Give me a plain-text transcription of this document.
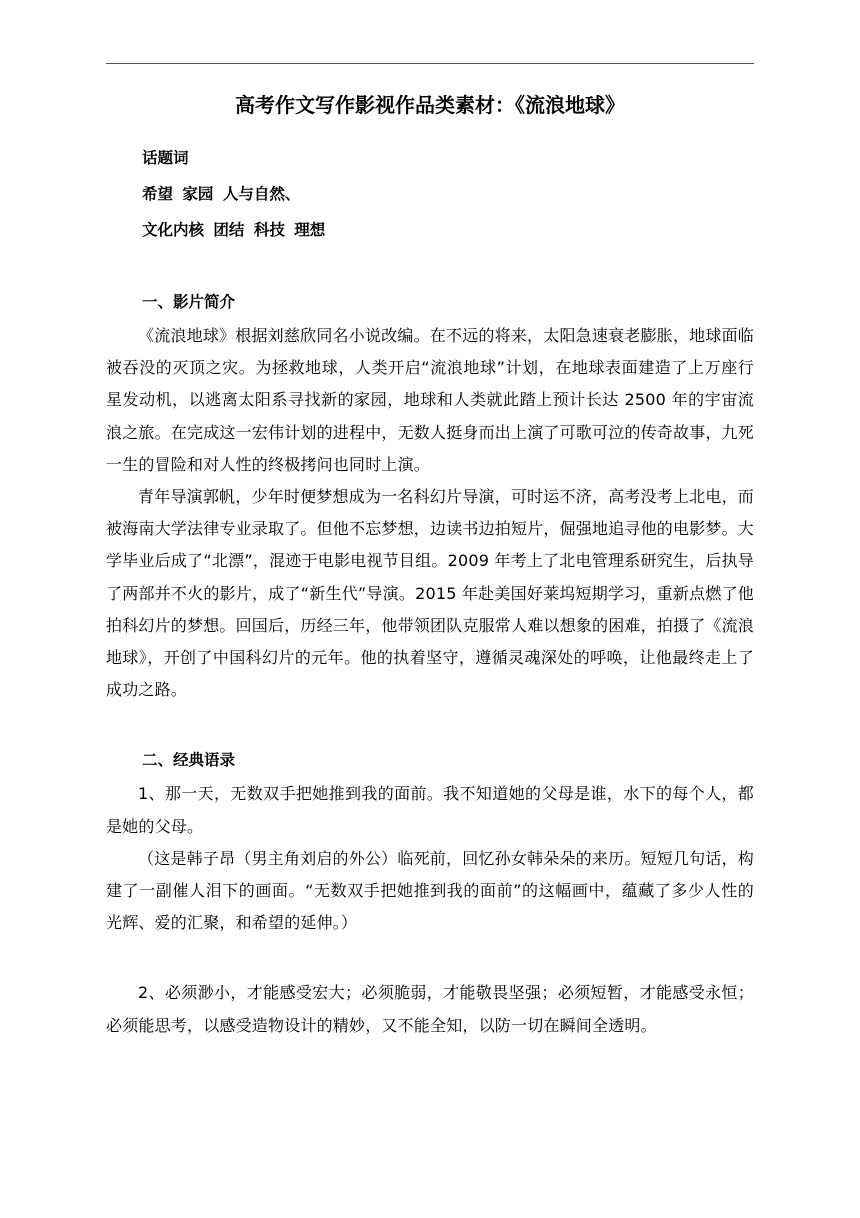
高考作文写作影视作品类素材：《流浪地球》
话题词
希望 家园 人与自然、
文化内核 团结 科技 理想
一、影片简介

《流浪地球》根据刘慈欣同名小说改编。在不远的将来，太阳急速衰老膨胀，地球面临被吞没的灭顶之灾。为拯救地球，人类开启“流浪地球”计划，在地球表面建造了上万座行星发动机，以逃离太阳系寻找新的家园，地球和人类就此踏上预计长达 2500 年的宇宙流浪之旅。在完成这一宏伟计划的进程中，无数人挺身而出上演了可歌可泣的传奇故事，九死一生的冒险和对人性的终极拷问也同时上演。

青年导演郭帆，少年时便梦想成为一名科幻片导演，可时运不济，高考没考上北电，而被海南大学法律专业录取了。但他不忘梦想，边读书边拍短片，倔强地追寻他的电影梦。大学毕业后成了“北漂”，混迹于电影电视节目组。2009 年考上了北电管理系研究生，后执导了两部并不火的影片，成了“新生代”导演。2015 年赴美国好莱坞短期学习，重新点燃了他拍科幻片的梦想。回国后，历经三年，他带领团队克服常人难以想象的困难，拍摄了《流浪地球》，开创了中国科幻片的元年。他的执着坚守，遵循灵魂深处的呼唤，让他最终走上了成功之路。

二、经典语录

1、那一天，无数双手把她推到我的面前。我不知道她的父母是谁，水下的每个人，都是她的父母。

（这是韩子昂（男主角刘启的外公）临死前，回忆孙女韩朵朵的来历。短短几句话，构建了一副催人泪下的画面。“无数双手把她推到我的面前”的这幅画中，蕴藏了多少人性的光辉、爱的汇聚，和希望的延伸。）

2、必须渺小，才能感受宏大；必须脆弱，才能敬畏坚强；必须短暂，才能感受永恒；必须能思考，以感受造物设计的精妙，又不能全知，以防一切在瞬间全透明。
